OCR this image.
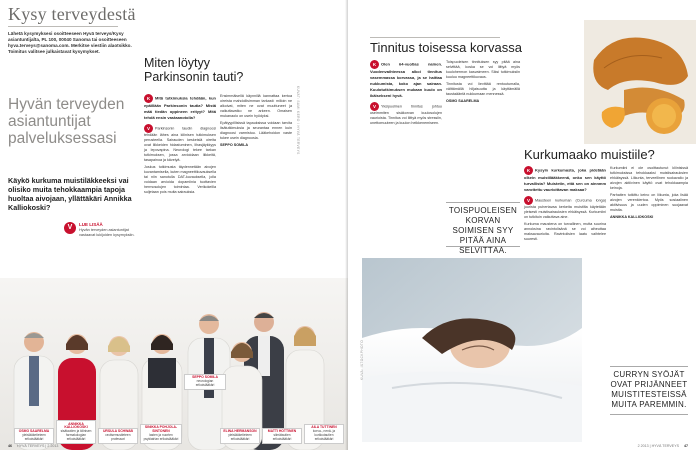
Kysy terveydestä
Lähetä kysymyksesi osoitteeseen Hyvä terveys/Kysy asiantuntijalta, PL 100, 00040 Sanoma tai osoitteeseen hyva.terveys@sanoma.com. Merkitse viestiin alaotsikko. Toimitus valitsee julkaistavat kysymykset.
Hyvän terveyden asiantuntijat palveluksessasi
Käykö kurkuma muistiläkkeeksi vai olisiko muita tehokkaampia tapoja huoltaa aivojaan, yllättäkäri Annikka Kalliokoski?
V	LUE LISÄÄ
Hyvän terveyden asiantuntijat vastaavat lukijoiden kysymyksiin.
Miten löytyy Parkinsonin tauti?

K Mitä tutkimuksia tehdään, kun epäillään Parkinsonin tautia? Mistä mää tiedän oppineen erityyt? Mitä tehdä ensin vastaanotolla?

V Parkinsonin taudin diagnoosi tehdään lähes aina kliinisen tutkimuksen perusteella. Sairauden keskeisiä oireita ovat liikkeiden hidastuminen, lihasjäykkyys ja lepovapina. Neurologi tekee tarkan tutkimuksen, jossa arvioidaan liikkeitä, tasapainoa ja kävelyä.

Joskus tutkimusta täydennetään aivojen kuvantamisella, kuten magneettikuvauksella tai niin sanotulla DAT-kuvauksella, jolla voidaan arvioida dopamiinia tuottavien hermosolujen toimintaa. Verikokeilla suljetaan pois muita sairauksia.

Ensimmäisellä käynnillä kannattaa kertoa oireista mahdollisimman tarkasti: milloin ne alkoivat, miten ne ovat muuttuneet ja vaikuttavatko ne arkeen. Omaisen mukanaolo on usein hyödyksi.

Epätyypillisissä tapauksissa voidaan tarvita lisätutkimuksia ja seurantaa ennen kuin diagnoosi varmistuu. Lääkehoidon vaste tukee usein diagnoosia.

SEPPO SOMILA	KUVAT: SAMI KERO / HYVÄ TERVEYS
OSMO SAARELMA
yleislääketieteen erikoislääkäri
ANNIKKA KALLIOKOSKI
sisätautien ja kliinisen farmakologian erikoislääkäri
URSULA SCHWAB
ravitsemustieteen professori
SINIKKA POHJOLA-SINTONEN
lasten ja nuorten psykiatrian erikoislääkäri
SEPPO SOMILA
neurologian erikoislääkäri
ELINA HERMANSON
yleislääketieteen erikoislääkäri
MATTI HOTTINEN
silmätautien erikoislääkäri
AILA TUTTINEN
korva-, nenä- ja kurkkutautien erikoislääkäri
46 HYVÄ TERVEYS | 2 2013
Tinnitus toisessa korvassa

K Olen 64-vuotias nainen. Vuodenvaihteessa alkoi tinnitus vasemmassa korvassa, ja se haittaa nukkumista, koko ajan sairaan. Kuulotutkimuksen mukaan kuulo on ikäisekseni hyvä.

V Yksipuolinen tinnitus johtuu useimmiten sisäkorvan kuulosolujen vaurioista. Tinnitus voi liittyä myös stressiin, unettomuuteen ja kuulon heikkenemiseen.

Toispuoleisen tinnituksen syy pitää aina selvittää, koska se voi liittyä myös kuulohermon kasvaimeen. Siksi tutkimuksiin kuuluu magneettikuvaus.

Tinnitusta voi lievittää rentoutumalla, välttämällä hiljaisuutta ja käyttämällä taustaääntä nukkumaan mennessä.

OSMO SAARELMA

TOISPUOLEISEN KORVAN SOIMISEN SYY PITÄÄ AINA SELVITTÄÄ.
KUVA: ISTOCKPHOTO
Kurkumaako muistiile?

K Kysyin kurkumasta, joka pidetään olkein muistilääkkeenä, onko sen käyttö turvallista? Muistetin, että sen on ainnmm varottettu vaurioittavan maksaa?

V Mausteen kurkuman (Curcuma longa) juurista puhertavaa kerkeita muistilta käytetään yleisesti muistisairauksien ehkäisyssä. Kurkumiini on tutkituin vaikuttava aine.

Kurkuma maustena on turvallinen, mutta suurina annoksina ravintolisänä se voi aiheuttaa maksavaurioita. Ravintolisien laatu vaihtelee suuresti.

Kurkumiini ei ole osoittautunut kliinisissä tutkimuksissa tehokkaaksi muistisairauksien ehkäisyssä. Liikunta, terveellinen ruokavalio ja aivojen aktiivinen käyttö ovat tehokkaampia keinoja.

Parhaiten tutkittu keino on liikunta, joka lisää aivojen verenkiertoa. Myös sosiaalinen aktiivisuus ja uuden oppiminen suojaavat muistia.

ANNIKKA KALLIOKOSKI

CURRYN SYÖJÄT OVAT PRIJÄNNEET MUISTITESTEISSÄ MUITA PAREMMIN.
2 2013 | HYVÄ TERVEYS 47
